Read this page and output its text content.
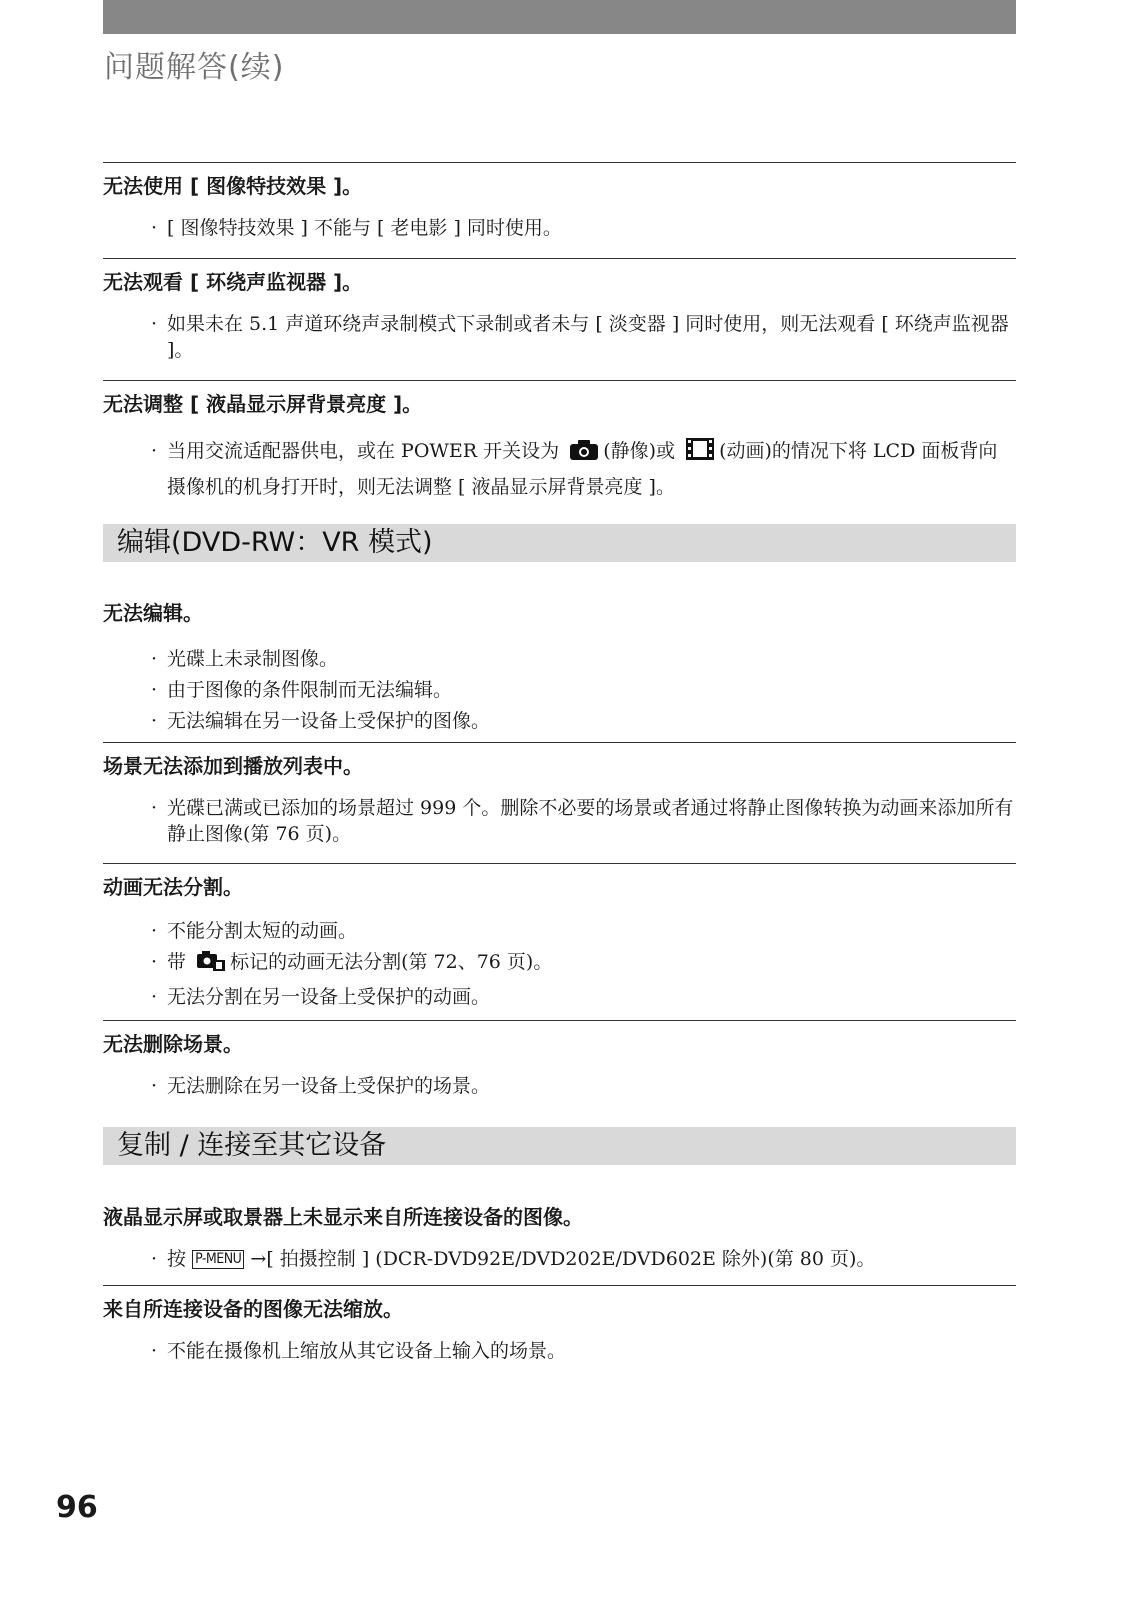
问题解答(续)
无法使用 [ 图像特技效果 ]。
· [ 图像特技效果 ] 不能与 [ 老电影 ] 同时使用。
无法观看 [ 环绕声监视器 ]。
· 如果未在 5.1 声道环绕声录制模式下录制或者未与 [ 淡变器 ] 同时使用，则无法观看 [ 环绕声监视器 ]。
无法调整 [ 液晶显示屏背景亮度 ]。
· 当用交流适配器供电，或在 POWER 开关设为 (静像)或 (动画)的情况下将 LCD 面板背向摄像机的机身打开时，则无法调整 [ 液晶显示屏背景亮度 ]。
编辑(DVD-RW：VR 模式)
无法编辑。
· 光碟上未录制图像。
· 由于图像的条件限制而无法编辑。
· 无法编辑在另一设备上受保护的图像。
场景无法添加到播放列表中。
· 光碟已满或已添加的场景超过 999 个。删除不必要的场景或者通过将静止图像转换为动画来添加所有静止图像(第 76 页)。
动画无法分割。
· 不能分割太短的动画。
· 带 标记的动画无法分割(第 72、76 页)。
· 无法分割在另一设备上受保护的动画。
无法删除场景。
· 无法删除在另一设备上受保护的场景。
复制 / 连接至其它设备
液晶显示屏或取景器上未显示来自所连接设备的图像。
· 按 P-MENU →[ 拍摄控制 ] (DCR-DVD92E/DVD202E/DVD602E 除外)(第 80 页)。
来自所连接设备的图像无法缩放。
· 不能在摄像机上缩放从其它设备上输入的场景。
96
